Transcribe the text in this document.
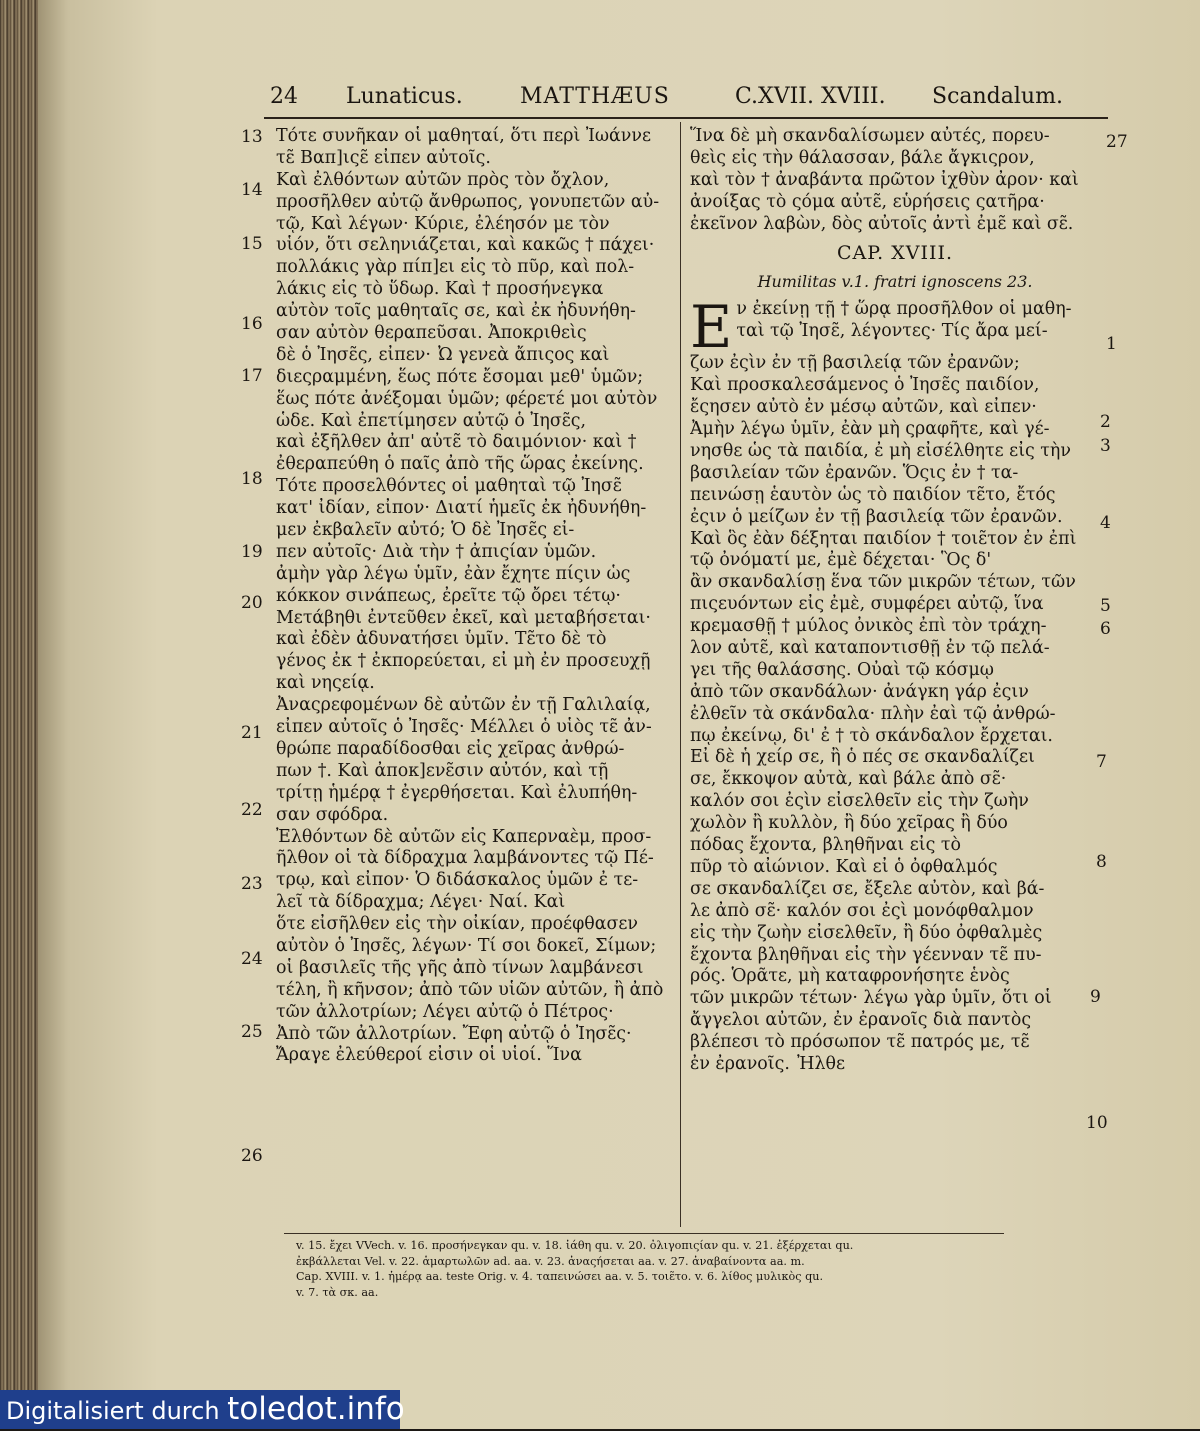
24 Lunaticus.	MATTHÆUS	C.XVII. XVIII. Scandalum.
Τότε συνῆκαν οἱ μαθηταί, ὅτι περὶ Ἰωάννε
τε̃ Βαπ]ιςε̃ εἶπεν αὐτοῖς.
Καὶ ἐλθόντων αὐτῶν πρὸς τὸν ὄχλον,
προσῆλθεν αὐτῷ ἄνθρωπος, γονυπετῶν αὐ-
τῷ, Καὶ λέγων· Κύριε, ἐλέησόν με τὸν
υἱόν, ὅτι σεληνιάζεται, καὶ κακῶς † πάχει·
πολλάκις γὰρ πίπ]ει εἰς τὸ πῦρ, καὶ πολ-
λάκις εἰς τὸ ὕδωρ. Καὶ † προσήνεγκα
αὐτὸν τοῖς μαθηταῖς σε, καὶ ἐκ ἠδυνήθη-
σαν αὐτὸν θεραπεῦσαι. Ἀποκριθεὶς
δὲ ὁ Ἰησε̃ς, εἶπεν· Ὦ γενεὰ ἄπιςος καὶ
διεςραμμένη, ἕως πότε ἔσομαι μεθ' ὑμῶν;
ἕως πότε ἀνέξομαι ὑμῶν; φέρετέ μοι αὐτὸν
ὧδε. Καὶ ἐπετίμησεν αὐτῷ ὁ Ἰησε̃ς,
καὶ ἐξῆλθεν ἀπ' αὐτε̃ τὸ δαιμόνιον· καὶ †
ἐθεραπεύθη ὁ παῖς ἀπὸ τῆς ὥρας ἐκείνης.
Τότε προσελθόντες οἱ μαθηταὶ τῷ Ἰησε̃
κατ' ἰδίαν, εἶπον· Διατί ἡμεῖς ἐκ ἠδυνήθη-
μεν ἐκβαλεῖν αὐτό; Ὁ δὲ Ἰησε̃ς εἶ-
πεν αὐτοῖς· Διὰ τὴν † ἀπιςίαν ὑμῶν.
ἀμὴν γὰρ λέγω ὑμῖν, ἐὰν ἔχητε πίςιν ὡς
κόκκον σινάπεως, ἐρεῖτε τῷ ὄρει τέτῳ·
Μετάβηθι ἐντεῦθεν ἐκεῖ, καὶ μεταβήσεται·
καὶ ἐδὲν ἀδυνατήσει ὑμῖν. Τε̃το δὲ τὸ
γένος ἐκ † ἐκπορεύεται, εἰ μὴ ἐν προσευχῇ
καὶ νηςείᾳ.
Ἀναςρεφομένων δὲ αὐτῶν ἐν τῇ Γαλιλαίᾳ,
εἶπεν αὐτοῖς ὁ Ἰησε̃ς· Μέλλει ὁ υἱὸς τε̃ ἀν-
θρώπε παραδίδοσθαι εἰς χεῖρας ἀνθρώ-
πων †. Καὶ ἀποκ]ενε̃σιν αὐτόν, καὶ τῇ
τρίτῃ ἡμέρᾳ † ἐγερθήσεται. Καὶ ἐλυπήθη-
σαν σφόδρα.
Ἐλθόντων δὲ αὐτῶν εἰς Καπερναὲμ, προσ-
ῆλθον οἱ τὰ δίδραχμα λαμβάνοντες τῷ Πέ-
τρῳ, καὶ εἶπον· Ὁ διδάσκαλος ὑμῶν ἐ τε-
λεῖ τὰ δίδραχμα; Λέγει· Ναί. Καὶ
ὅτε εἰσῆλθεν εἰς τὴν οἰκίαν, προέφθασεν
αὐτὸν ὁ Ἰησε̃ς, λέγων· Τί σοι δοκεῖ, Σίμων;
οἱ βασιλεῖς τῆς γῆς ἀπὸ τίνων λαμβάνεσι
τέλη, ἢ κῆνσον; ἀπὸ τῶν υἱῶν αὐτῶν, ἢ ἀπὸ
τῶν ἀλλοτρίων; Λέγει αὐτῷ ὁ Πέτρος·
Ἀπὸ τῶν ἀλλοτρίων. Ἔφη αὐτῷ ὁ Ἰησε̃ς·
Ἄραγε ἐλεύθεροί εἰσιν οἱ υἱοί. Ἵνα
13
14
15
16
17
18
19
20
21
22
23
24
25
26
Ἵνα δὲ μὴ σκανδαλίσωμεν αὐτές, πορευ-
θεὶς εἰς τὴν θάλασσαν, βάλε ἄγκιςρον,
καὶ τὸν † ἀναβάντα πρῶτον ἰχθὺν ἆρον· καὶ
ἀνοίξας τὸ ςόμα αὐτε̃, εὑρήσεις ςατῆρα·
ἐκεῖνον λαβὼν, δὸς αὐτοῖς ἀντὶ ἐμε̃ καὶ σε̃.
CAP. XVIII.
Humilitas v.1. fratri ignoscens 23.
E ν ἐκείνῃ τῇ † ὥρᾳ προσῆλθον οἱ μαθη-
ταὶ τῷ Ἰησε̃, λέγοντες· Τίς ἄρα μεί-
ζων ἐςὶν ἐν τῇ βασιλείᾳ τῶν ἐρανῶν;
Καὶ προσκαλεσάμενος ὁ Ἰησε̃ς παιδίον,
ἔςησεν αὐτὸ ἐν μέσῳ αὐτῶν, καὶ εἶπεν·
Ἀμὴν λέγω ὑμῖν, ἐὰν μὴ ςραφῆτε, καὶ γέ-
νησθε ὡς τὰ παιδία, ἐ μὴ εἰσέλθητε εἰς τὴν
βασιλείαν τῶν ἐρανῶν. Ὅςις ἐν † τα-
πεινώσῃ ἑαυτὸν ὡς τὸ παιδίον τε̃το, ἔτός
ἐςιν ὁ μείζων ἐν τῇ βασιλείᾳ τῶν ἐρανῶν.
Καὶ ὃς ἐὰν δέξηται παιδίον † τοιε̃τον ἐν ἐπὶ
τῷ ὀνόματί με, ἐμὲ δέχεται· Ὃς δ'
ἂν σκανδαλίσῃ ἕνα τῶν μικρῶν τέτων, τῶν
πιςευόντων εἰς ἐμὲ, συμφέρει αὐτῷ, ἵνα
κρεμασθῇ † μύλος ὀνικὸς ἐπὶ τὸν τράχη-
λον αὐτε̃, καὶ καταποντισθῇ ἐν τῷ πελά-
γει τῆς θαλάσσης. Οὐαὶ τῷ κόσμῳ
ἀπὸ τῶν σκανδάλων· ἀνάγκη γάρ ἐςιν
ἐλθεῖν τὰ σκάνδαλα· πλὴν ἐαὶ τῷ ἀνθρώ-
πῳ ἐκείνῳ, δι' ἐ † τὸ σκάνδαλον ἔρχεται.
Εἰ δὲ ἡ χείρ σε, ἢ ὁ πές σε σκανδαλίζει
σε, ἔκκοψον αὐτὰ, καὶ βάλε ἀπὸ σε̃·
καλόν σοι ἐςὶν εἰσελθεῖν εἰς τὴν ζωὴν
χωλὸν ἢ κυλλὸν, ἢ δύο χεῖρας ἢ δύο
πόδας ἔχοντα, βληθῆναι εἰς τὸ
πῦρ τὸ αἰώνιον. Καὶ εἰ ὁ ὀφθαλμός
σε σκανδαλίζει σε, ἔξελε αὐτὸν, καὶ βά-
λε ἀπὸ σε̃· καλόν σοι ἐςὶ μονόφθαλμον
εἰς τὴν ζωὴν εἰσελθεῖν, ἢ δύο ὀφθαλμὲς
ἔχοντα βληθῆναι εἰς τὴν γέενναν τε̃ πυ-
ρός. Ὁρᾶτε, μὴ καταφρονήσητε ἑνὸς
τῶν μικρῶν τέτων· λέγω γὰρ ὑμῖν, ὅτι οἱ
ἄγγελοι αὐτῶν, ἐν ἐρανοῖς διὰ παντὸς
βλέπεσι τὸ πρόσωπον τε̃ πατρός με, τε̃
ἐν ἐρανοῖς. Ἦλθε
27
1
2
3
4
5
6
7
8
9
10
v. 15. ἔχει VVech. v. 16. προσήνεγκαν qu. v. 18. ἰάθη qu. v. 20. ὀλιγοπιςίαν qu. v. 21. ἐξέρχεται qu.
ἐκβάλλεται Vel. v. 22. ἁμαρτωλῶν ad. aa. v. 23. ἀναςήσεται aa. v. 27. ἀναβαίνοντα aa. m.
Cap. XVIII. v. 1. ἡμέρᾳ aa. teste Orig. v. 4. ταπεινώσει aa. v. 5. τοιε̃το. v. 6. λίθος μυλικὸς qu.
v. 7. τὰ σκ. aa.
Digitalisiert durch toledot.info
